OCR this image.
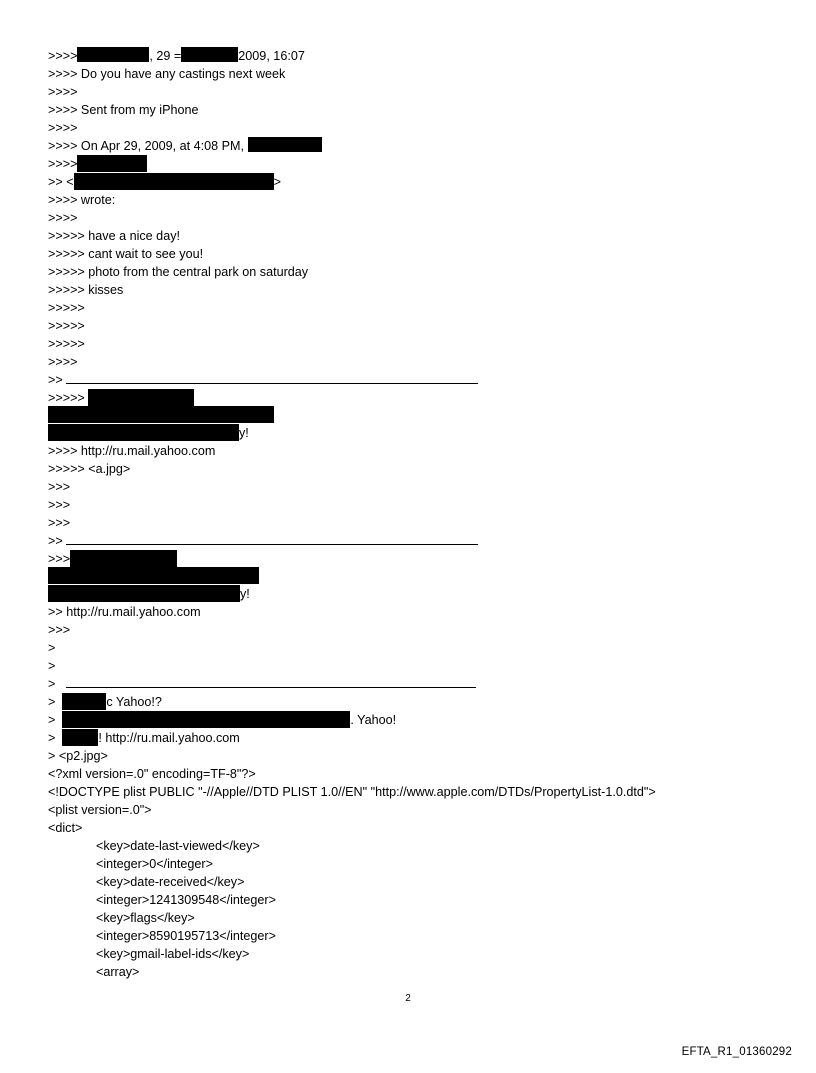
>>>>	, 29 =	2009, 16:07
>>>> Do you have any castings next week
>>>>
>>>> Sent from my iPhone
>>>>
>>>> On Apr 29, 2009, at 4:08 PM,
>>>>
>> <	>
>>>> wrote:
>>>>
>>>>> have a nice day!
>>>>> cant wait to see you!
>>>>> photo from the central park on saturday
>>>>> kisses
>>>>>
>>>>>
>>>>>
>>>>
>>
>>>>>
y!
>>>> http://ru.mail.yahoo.com
>>>>> <a.jpg>
>>>
>>>
>>>
>>
>>>
y!
>> http://ru.mail.yahoo.com
>>>
>
>
>
>	c Yahoo!?
>	. Yahoo!
>	! http://ru.mail.yahoo.com
> <p2.jpg>
<?xml version=.0" encoding=TF-8"?>
<!DOCTYPE plist PUBLIC "-//Apple//DTD PLIST 1.0//EN" "http://www.apple.com/DTDs/PropertyList-1.0.dtd">
<plist version=.0">
<dict>
<key>date-last-viewed</key>
<integer>0</integer>
<key>date-received</key>
<integer>1241309548</integer>
<key>flags</key>
<integer>8590195713</integer>
<key>gmail-label-ids</key>
<array>
2
EFTA_R1_01360292
